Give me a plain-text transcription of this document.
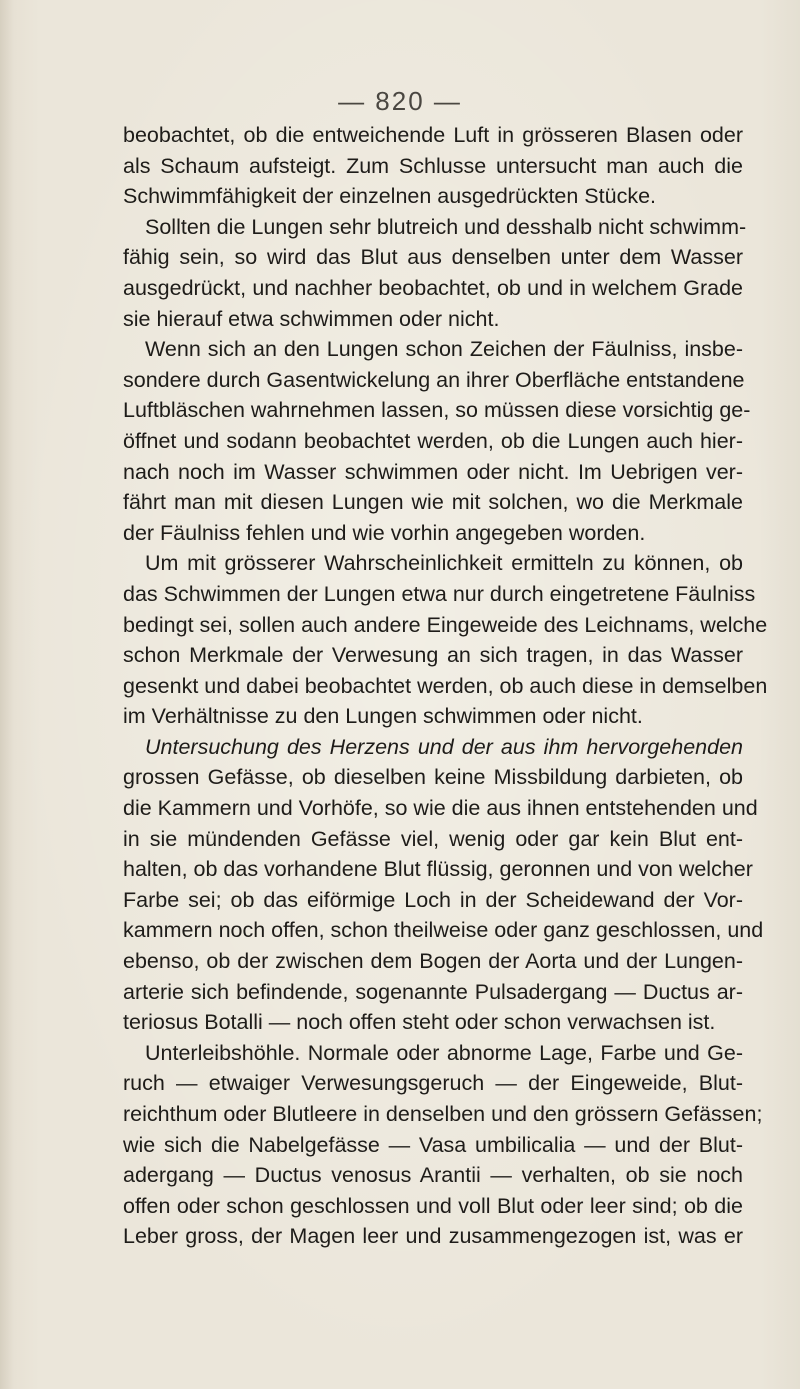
— 820 —
beobachtet, ob die entweichende Luft in grösseren Blasen oder
als Schaum aufsteigt. Zum Schlusse untersucht man auch die
Schwimmfähigkeit der einzelnen ausgedrückten Stücke.
Sollten die Lungen sehr blutreich und desshalb nicht schwimm-
fähig sein, so wird das Blut aus denselben unter dem Wasser
ausgedrückt, und nachher beobachtet, ob und in welchem Grade
sie hierauf etwa schwimmen oder nicht.
Wenn sich an den Lungen schon Zeichen der Fäulniss, insbe-
sondere durch Gasentwickelung an ihrer Oberfläche entstandene
Luftbläschen wahrnehmen lassen, so müssen diese vorsichtig ge-
öffnet und sodann beobachtet werden, ob die Lungen auch hier-
nach noch im Wasser schwimmen oder nicht. Im Uebrigen ver-
fährt man mit diesen Lungen wie mit solchen, wo die Merkmale
der Fäulniss fehlen und wie vorhin angegeben worden.
Um mit grösserer Wahrscheinlichkeit ermitteln zu können, ob
das Schwimmen der Lungen etwa nur durch eingetretene Fäulniss
bedingt sei, sollen auch andere Eingeweide des Leichnams, welche
schon Merkmale der Verwesung an sich tragen, in das Wasser
gesenkt und dabei beobachtet werden, ob auch diese in demselben
im Verhältnisse zu den Lungen schwimmen oder nicht.
Untersuchung des Herzens und der aus ihm hervorgehenden
grossen Gefässe, ob dieselben keine Missbildung darbieten, ob
die Kammern und Vorhöfe, so wie die aus ihnen entstehenden und
in sie mündenden Gefässe viel, wenig oder gar kein Blut ent-
halten, ob das vorhandene Blut flüssig, geronnen und von welcher
Farbe sei; ob das eiförmige Loch in der Scheidewand der Vor-
kammern noch offen, schon theilweise oder ganz geschlossen, und
ebenso, ob der zwischen dem Bogen der Aorta und der Lungen-
arterie sich befindende, sogenannte Pulsadergang — Ductus ar-
teriosus Botalli — noch offen steht oder schon verwachsen ist.
Unterleibshöhle. Normale oder abnorme Lage, Farbe und Ge-
ruch — etwaiger Verwesungsgeruch — der Eingeweide, Blut-
reichthum oder Blutleere in denselben und den grössern Gefässen;
wie sich die Nabelgefässe — Vasa umbilicalia — und der Blut-
adergang — Ductus venosus Arantii — verhalten, ob sie noch
offen oder schon geschlossen und voll Blut oder leer sind; ob die
Leber gross, der Magen leer und zusammengezogen ist, was er
